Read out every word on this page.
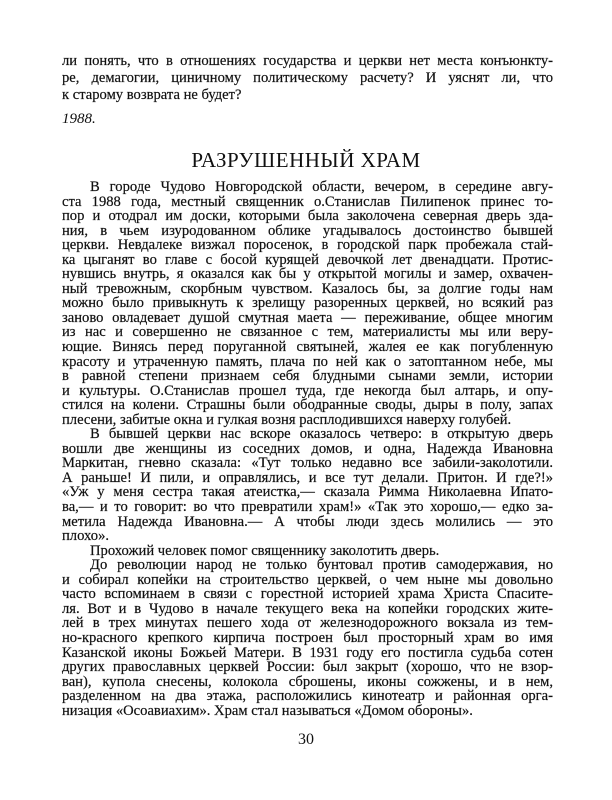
ли понять, что в отношениях государства и церкви нет места конъюнкту-
ре, демагогии, циничному политическому расчету? И уяснят ли, что
к старому возврата не будет?
1988.
РАЗРУШЕННЫЙ ХРАМ
В городе Чудово Новгородской области, вечером, в середине авгу-
ста 1988 года, местный священник о.Станислав Пилипенок принес то-
пор и отодрал им доски, которыми была заколочена северная дверь зда-
ния, в чьем изуродованном облике угадывалось достоинство бывшей
церкви. Невдалеке визжал поросенок, в городской парк пробежала стай-
ка цыганят во главе с босой курящей девочкой лет двенадцати. Протис-
нувшись внутрь, я оказался как бы у открытой могилы и замер, охвачен-
ный тревожным, скорбным чувством. Казалось бы, за долгие годы нам
можно было привыкнуть к зрелищу разоренных церквей, но всякий раз
заново овладевает душой смутная маета — переживание, общее многим
из нас и совершенно не связанное с тем, материалисты мы или веру-
ющие. Винясь перед поруганной святыней, жалея ее как погубленную
красоту и утраченную память, плача по ней как о затоптанном небе, мы
в равной степени признаем себя блудными сынами земли, истории
и культуры. О.Станислав прошел туда, где некогда был алтарь, и опу-
стился на колени. Страшны были ободранные своды, дыры в полу, запах
плесени, забитые окна и гулкая возня расплодившихся наверху голубей.
В бывшей церкви нас вскоре оказалось четверо: в открытую дверь
вошли две женщины из соседних домов, и одна, Надежда Ивановна
Маркитан, гневно сказала: «Тут только недавно все забили-заколотили.
А раньше! И пили, и оправлялись, и все тут делали. Притон. И где?!»
«Уж у меня сестра такая атеистка,— сказала Римма Николаевна Ипато-
ва,— и то говорит: во что превратили храм!» «Так это хорошо,— едко за-
метила Надежда Ивановна.— А чтобы люди здесь молились — это
плохо».
Прохожий человек помог священнику заколотить дверь.
До революции народ не только бунтовал против самодержавия, но
и собирал копейки на строительство церквей, о чем ныне мы довольно
часто вспоминаем в связи с горестной историей храма Христа Спасите-
ля. Вот и в Чудово в начале текущего века на копейки городских жите-
лей в трех минутах пешего хода от железнодорожного вокзала из тем-
но-красного крепкого кирпича построен был просторный храм во имя
Казанской иконы Божьей Матери. В 1931 году его постигла судьба сотен
других православных церквей России: был закрыт (хорошо, что не взор-
ван), купола снесены, колокола сброшены, иконы сожжены, и в нем,
разделенном на два этажа, расположились кинотеатр и районная орга-
низация «Осоавиахим». Храм стал называться «Домом обороны».
30
